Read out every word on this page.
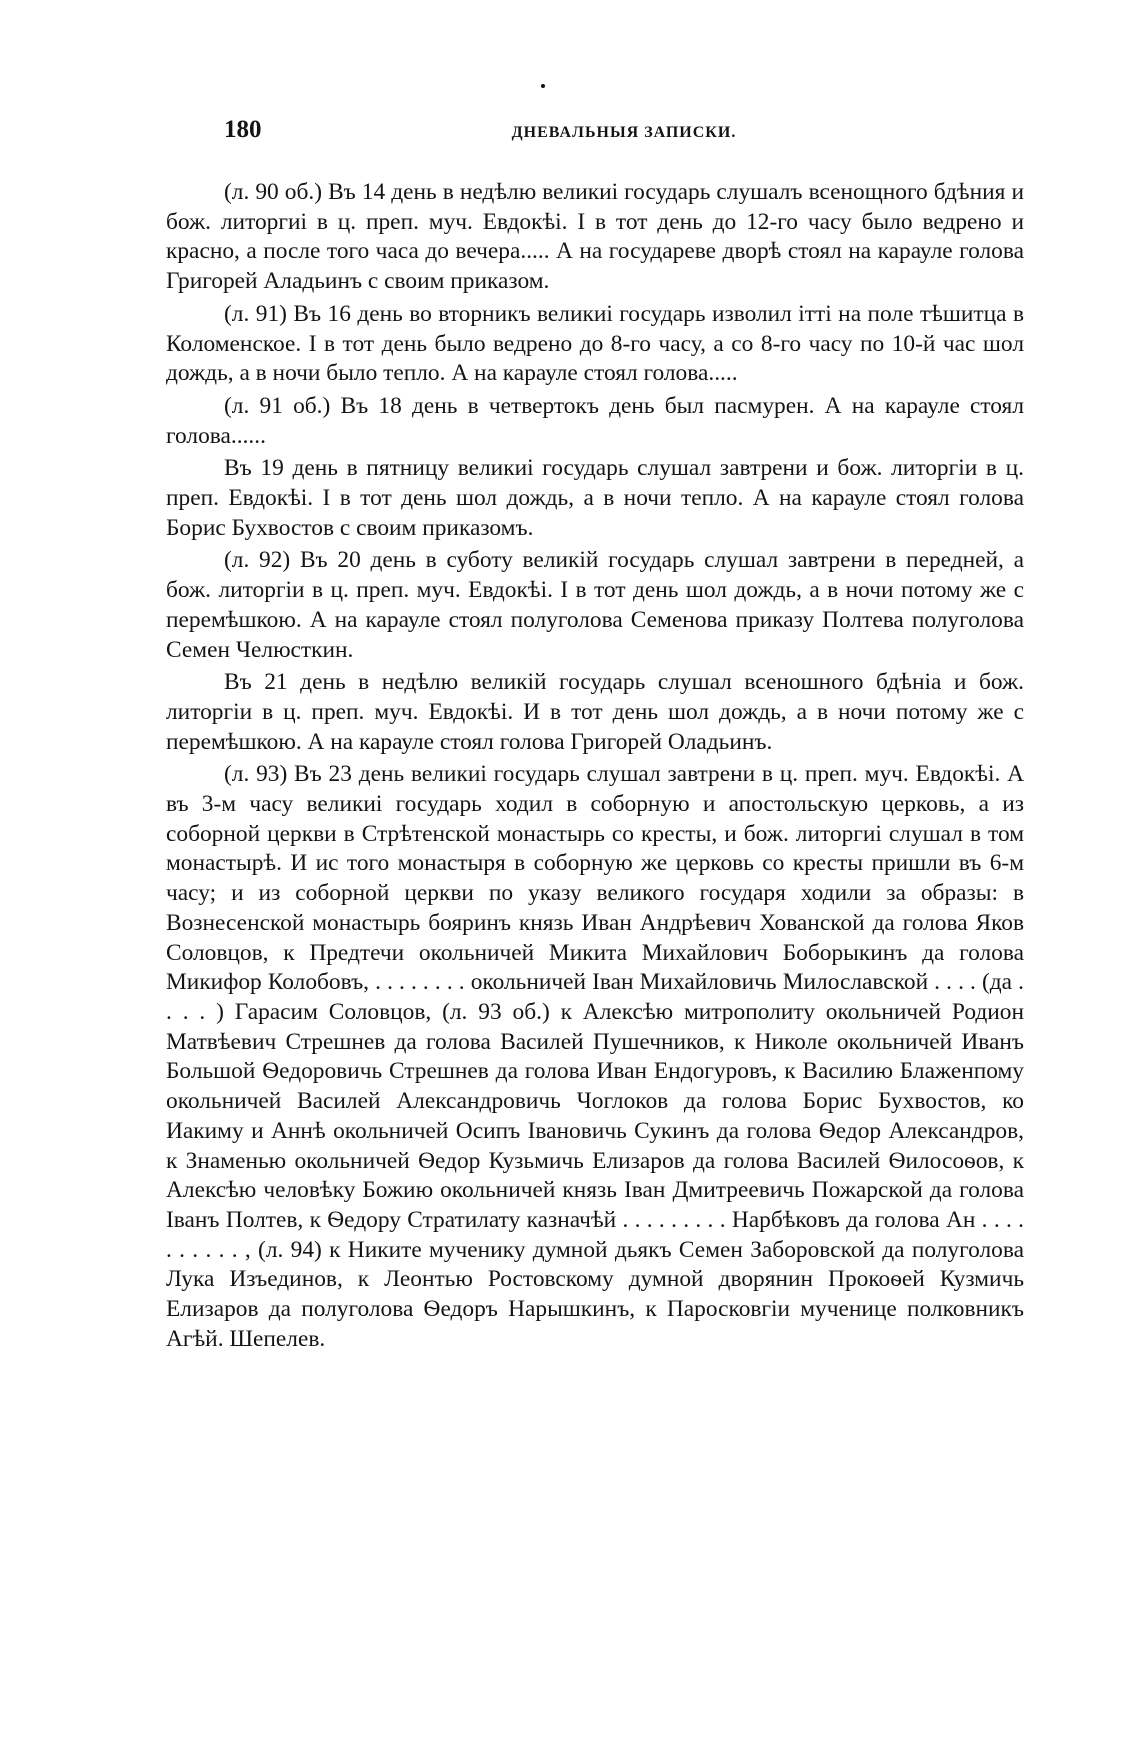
180	ДНЕВАЛЬНЫЯ ЗАПИСКИ.

(л. 90 об.) Въ 14 день в недѣлю великиі государь слушалъ всенощного бдѣния и бож. литоргиі в ц. преп. муч. Евдокѣі. I в тот день до 12-го часу было ведрено и красно, а после того часа до вечера..... А на государеве дворѣ стоял на карауле голова Григорей Аладьинъ с своим приказом.

(л. 91) Въ 16 день во вторникъ великиі государь изволил ітті на поле тѣшитца в Коломенское. I в тот день было ведрено до 8-го часу, а со 8-го часу по 10-й час шол дождь, а в ночи было тепло. А на карауле стоял голова.....

(л. 91 об.) Въ 18 день в четвертокъ день был пасмурен. А на карауле стоял голова......

Въ 19 день в пятницу великиі государь слушал завтрени и бож. литоргіи в ц. преп. Евдокѣі. I в тот день шол дождь, а в ночи тепло. А на карауле стоял голова Борис Бухвостов с своим приказомъ.

(л. 92) Въ 20 день в суботу великій государь слушал завтрени в передней, а бож. литоргіи в ц. преп. муч. Евдокѣі. I в тот день шол дождь, а в ночи потому же с перемѣшкою. А на карауле стоял полуголова Семенова приказу Полтева полуголова Семен Челюсткин.

Въ 21 день в недѣлю великій государь слушал всеношного бдѣніа и бож. литоргіи в ц. преп. муч. Евдокѣі. И в тот день шол дождь, а в ночи потому же с перемѣшкою. А на карауле стоял голова Григорей Оладьинъ.

(л. 93) Въ 23 день великиі государь слушал завтрени в ц. преп. муч. Евдокѣі. А въ 3-м часу великиі государь ходил в соборную и апостольскую церковь, а из соборной церкви в Стрѣтенской монастырь со кресты, и бож. литоргиі слушал в том монастырѣ. И ис того монастыря в соборную же церковь со кресты пришли въ 6-м часу; и из соборной церкви по указу великого государя ходили за образы: в Вознесенской монастырь бояринъ князь Иван Андрѣевич Хованской да голова Яков Соловцов, к Предтечи окольничей Микита Михайлович Боборыкинъ да голова Микифор Колобовъ, . . . . . . . . окольничей Іван Михайловичь Милославской . . . . (да . . . . ) Гарасим Соловцов, (л. 93 об.) к Алексѣю митрополиту окольничей Родион Матвѣевич Стрешнев да голова Василей Пушечников, к Николе окольничей Иванъ Большой Ѳедоровичь Стрешнев да голова Иван Ендогуровъ, к Василию Блаженпому окольничей Василей Александровичь Чоглоков да голова Борис Бухвостов, ко Иакиму и Аннѣ окольничей Осипъ Івановичь Сукинъ да голова Ѳедор Александров, к Знаменью окольничей Ѳедор Кузьмичь Елизаров да голова Василей Ѳилосоѳов, к Алексѣю человѣку Божию окольничей князь Іван Дмитреевичь Пожарской да голова Іванъ Полтев, к Ѳедору Стратилату казначѣй . . . . . . . . . Нарбѣковъ да голова Ан . . . . . . . . . . , (л. 94) к Никите мученику думной дьякъ Семен Заборовской да полуголова Лука Изъединов, к Леонтью Ростовскому думной дворянин Прокоѳей Кузмичь Елизаров да полуголова Ѳедоръ Нарышкинъ, к Паросковгіи мученице полковникъ Агѣй. Шепелев.
